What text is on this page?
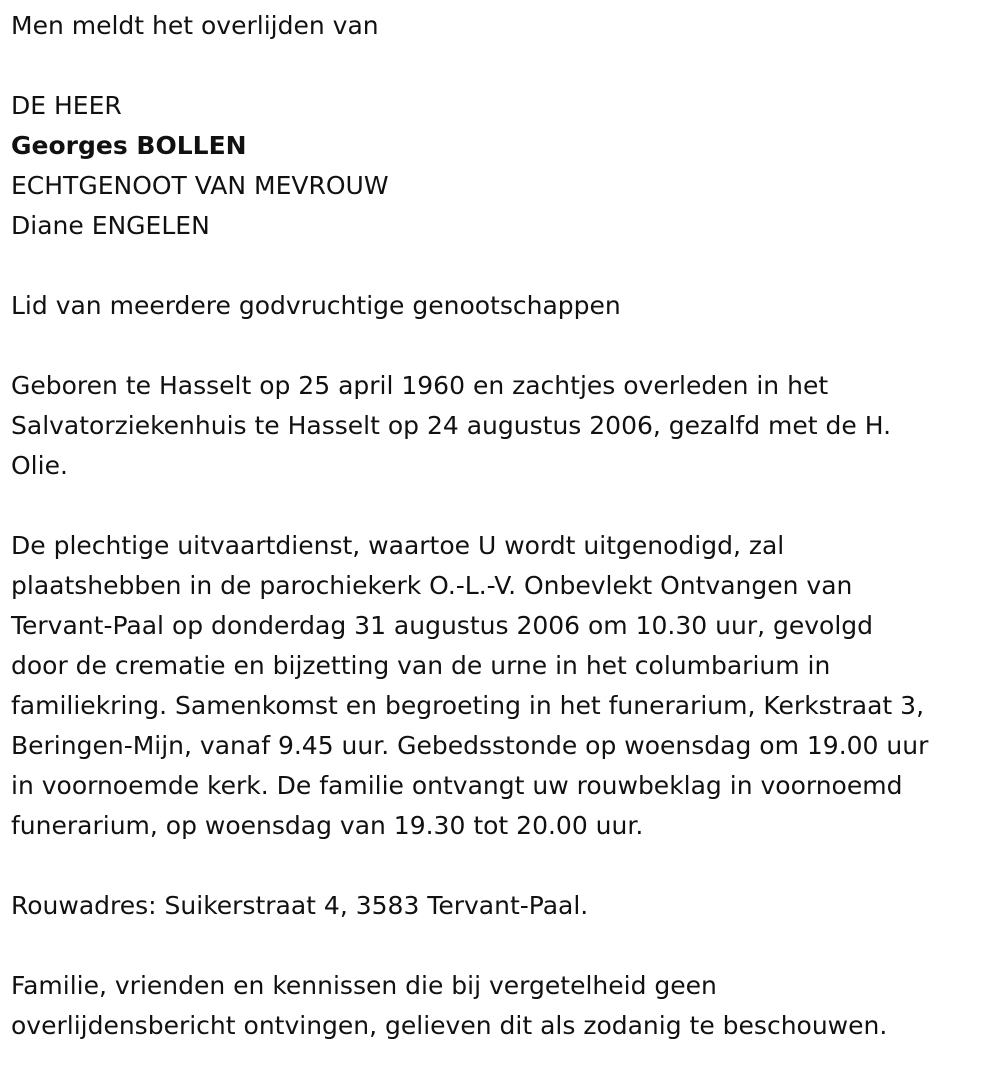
Men meldt het overlijden van
DE HEER
Georges BOLLEN
ECHTGENOOT VAN MEVROUW
Diane ENGELEN
Lid van meerdere godvruchtige genootschappen
Geboren te Hasselt op 25 april 1960 en zachtjes overleden in het
Salvatorziekenhuis te Hasselt op 24 augustus 2006, gezalfd met de H.
Olie.
De plechtige uitvaartdienst, waartoe U wordt uitgenodigd, zal
plaatshebben in de parochiekerk O.-L.-V. Onbevlekt Ontvangen van
Tervant-Paal op donderdag 31 augustus 2006 om 10.30 uur, gevolgd
door de crematie en bijzetting van de urne in het columbarium in
familiekring. Samenkomst en begroeting in het funerarium, Kerkstraat 3,
Beringen-Mijn, vanaf 9.45 uur. Gebedsstonde op woensdag om 19.00 uur
in voornoemde kerk. De familie ontvangt uw rouwbeklag in voornoemd
funerarium, op woensdag van 19.30 tot 20.00 uur.
Rouwadres: Suikerstraat 4, 3583 Tervant-Paal.
Familie, vrienden en kennissen die bij vergetelheid geen
overlijdensbericht ontvingen, gelieven dit als zodanig te beschouwen.
